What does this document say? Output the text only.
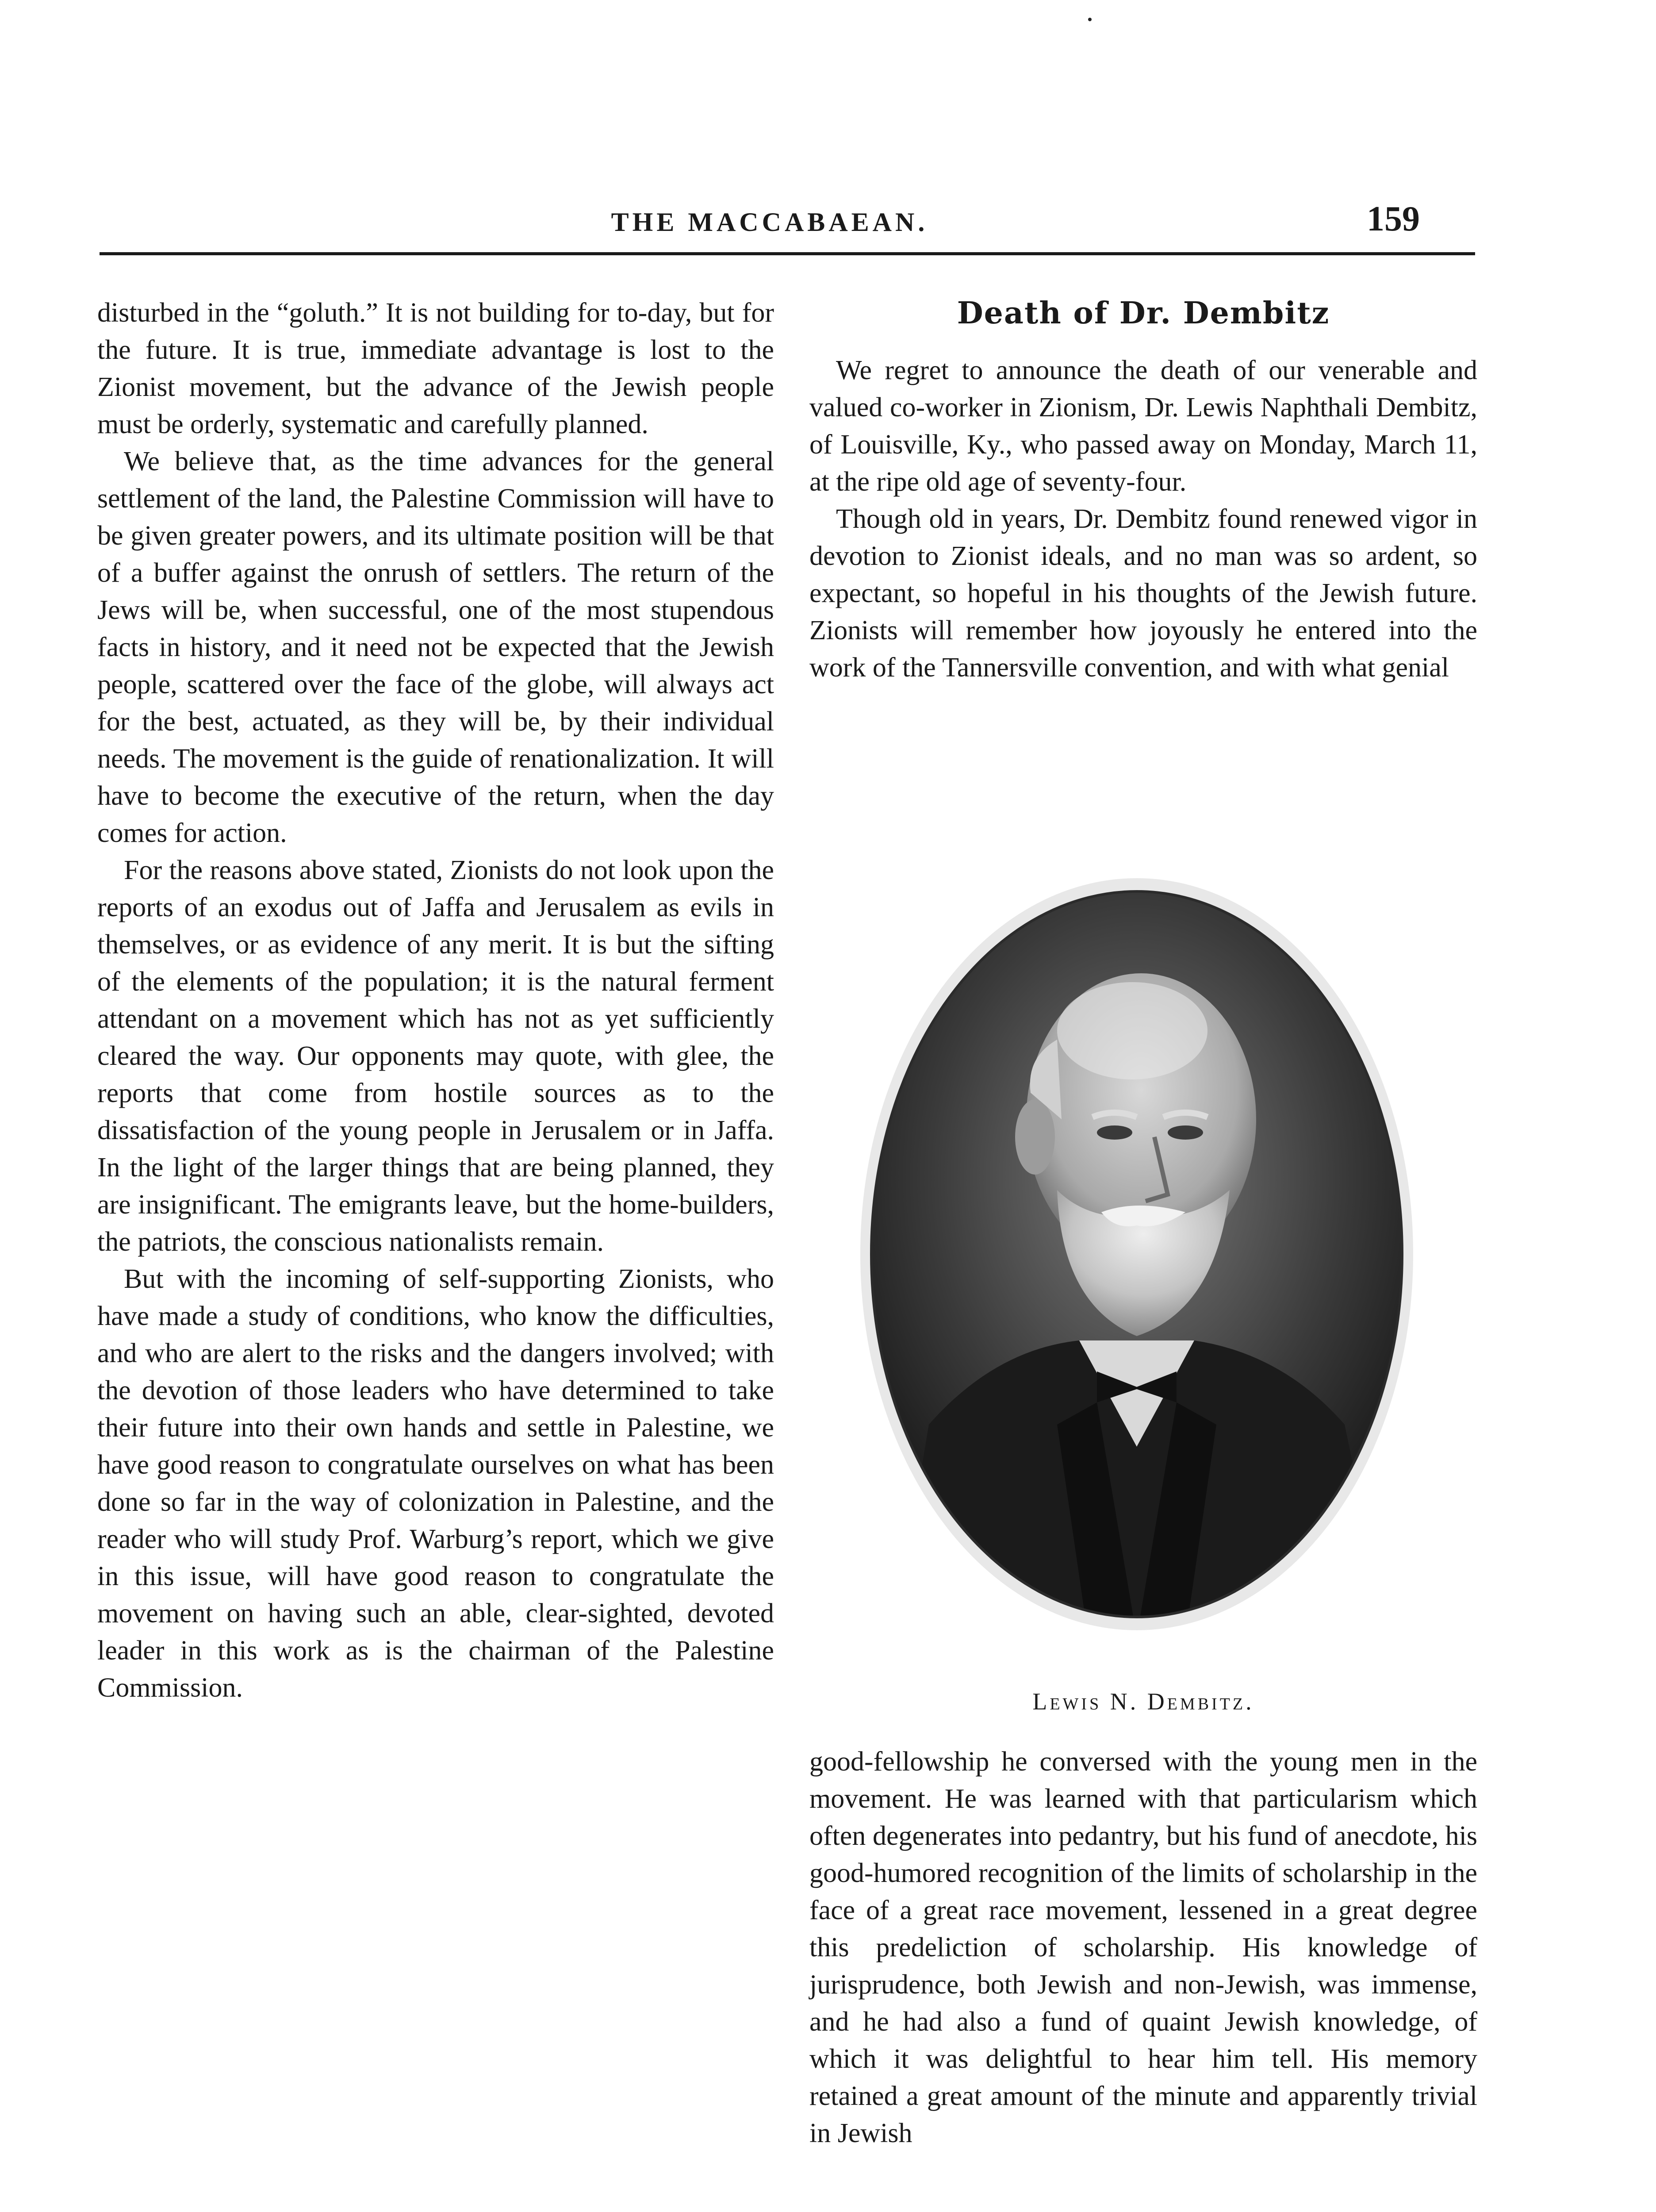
THE MACCABAEAN.	159

disturbed in the “goluth.” It is not building for to-day, but for the future. It is true, immediate advantage is lost to the Zionist movement, but the advance of the Jewish people must be orderly, systematic and carefully planned.

We believe that, as the time advances for the general settlement of the land, the Palestine Commission will have to be given greater powers, and its ultimate position will be that of a buffer against the onrush of settlers. The return of the Jews will be, when successful, one of the most stupendous facts in history, and it need not be expected that the Jewish people, scattered over the face of the globe, will always act for the best, actuated, as they will be, by their individual needs. The movement is the guide of renationalization. It will have to become the executive of the return, when the day comes for action.

For the reasons above stated, Zionists do not look upon the reports of an exodus out of Jaffa and Jerusalem as evils in themselves, or as evidence of any merit. It is but the sifting of the elements of the population; it is the natural ferment attendant on a movement which has not as yet sufficiently cleared the way. Our opponents may quote, with glee, the reports that come from hostile sources as to the dissatisfaction of the young people in Jerusalem or in Jaffa. In the light of the larger things that are being planned, they are insignificant. The emigrants leave, but the home-builders, the patriots, the conscious nationalists remain.

But with the incoming of self-supporting Zionists, who have made a study of conditions, who know the difficulties, and who are alert to the risks and the dangers involved; with the devotion of those leaders who have determined to take their future into their own hands and settle in Palestine, we have good reason to congratulate ourselves on what has been done so far in the way of colonization in Palestine, and the reader who will study Prof. Warburg’s report, which we give in this issue, will have good reason to congratulate the movement on having such an able, clear-sighted, devoted leader in this work as is the chairman of the Palestine Commission.

Death of Dr. Dembitz

We regret to announce the death of our venerable and valued co-worker in Zionism, Dr. Lewis Naphthali Dembitz, of Louisville, Ky., who passed away on Monday, March 11, at the ripe old age of seventy-four.

Though old in years, Dr. Dembitz found renewed vigor in devotion to Zionist ideals, and no man was so ardent, so expectant, so hopeful in his thoughts of the Jewish future. Zionists will remember how joyously he entered into the work of the Tannersville convention, and with what genial

Lewis N. Dembitz.

good-fellowship he conversed with the young men in the movement. He was learned with that particularism which often degenerates into pedantry, but his fund of anecdote, his good-humored recognition of the limits of scholarship in the face of a great race movement, lessened in a great degree this predeliction of scholarship. His knowledge of jurisprudence, both Jewish and non-Jewish, was immense, and he had also a fund of quaint Jewish knowledge, of which it was delightful to hear him tell. His memory retained a great amount of the minute and apparently trivial in Jewish
